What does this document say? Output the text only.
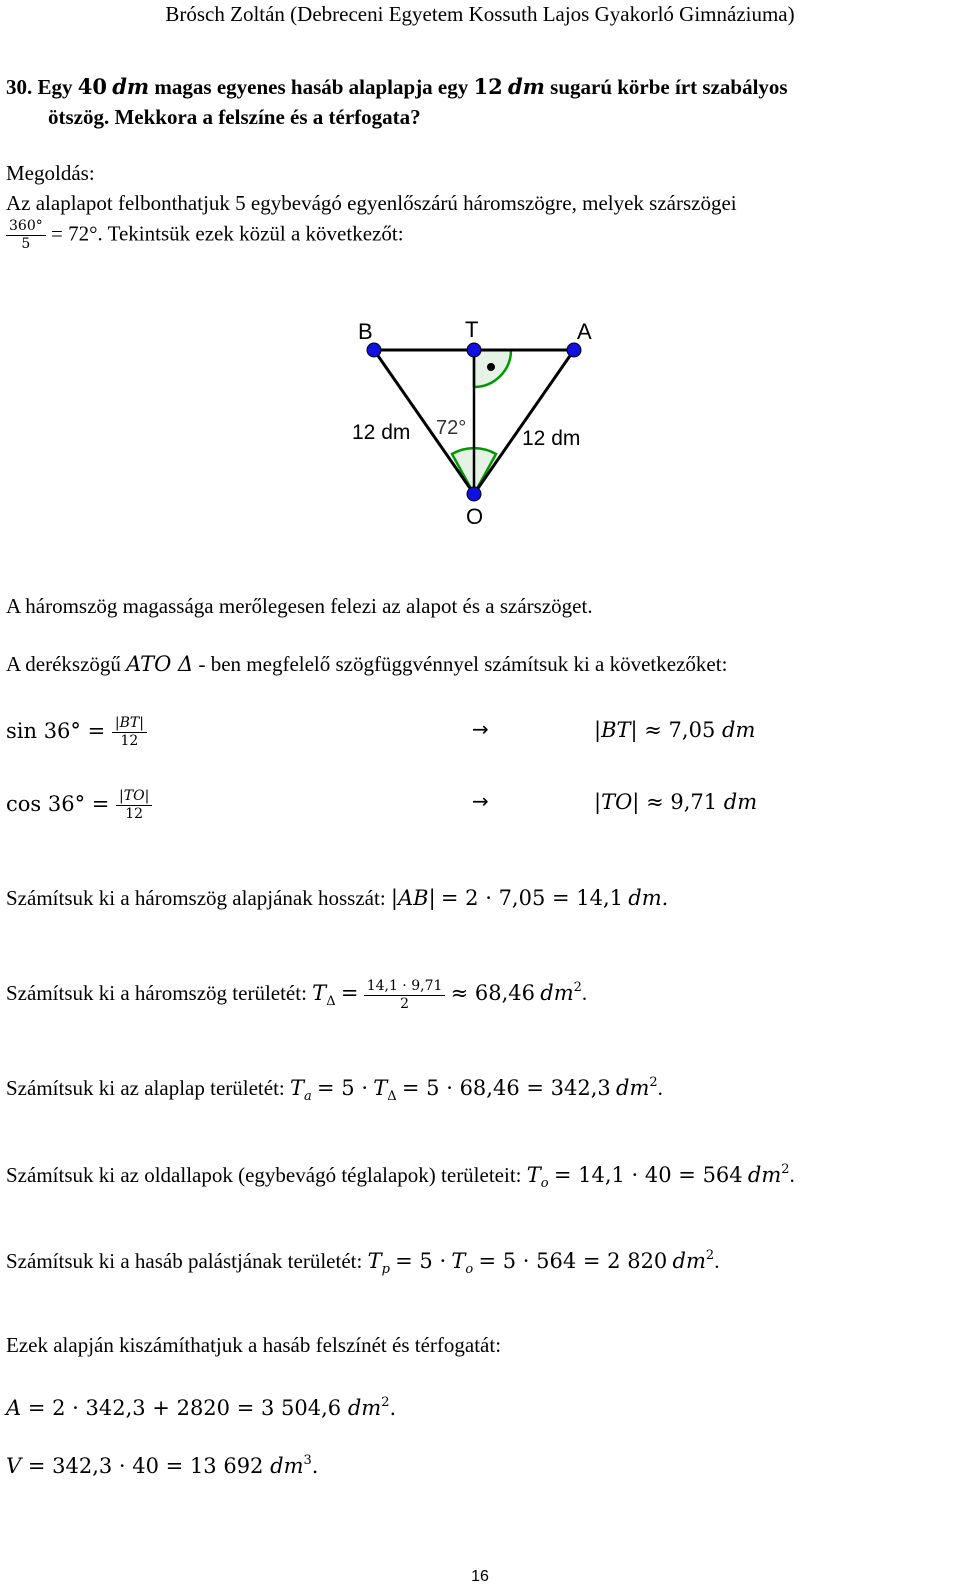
Brósch Zoltán (Debreceni Egyetem Kossuth Lajos Gyakorló Gimnáziuma)
30. Egy 40 dm magas egyenes hasáb alaplapja egy 12 dm sugarú körbe írt szabályos
ötszög. Mekkora a felszíne és a térfogata?
Megoldás:
Az alaplapot felbonthatjuk 5 egybevágó egyenlőszárú háromszögre, melyek szárszögei
$\frac{360^\circ}{5} = 72^\circ$. Tekintsük ezek közül a következőt:
B	T	A
O
12 dm	12 dm
72°
A háromszög magassága merőlegesen felezi az alapot és a szárszöget.
A derékszögű ATO Δ - ben megfelelő szögfüggvénnyel számítsuk ki a következőket:
$\sin 36^\circ = \frac{|BT|}{12}$	→	|BT| ≈ 7,05 dm
$\cos 36^\circ = \frac{|TO|}{12}$	→	|TO| ≈ 9,71 dm
Számítsuk ki a háromszög alapjának hosszát: |AB| = 2 · 7,05 = 14,1 dm.
Számítsuk ki a háromszög területét: $T_\Delta = \frac{14,1 \cdot 9,71}{2} \approx 68,46$ $dm^2$.
Számítsuk ki az alaplap területét: $T_a = 5 \cdot T_\Delta = 5 \cdot 68,46 = 342,3$ $dm^2$.
Számítsuk ki az oldallapok (egybevágó téglalapok) területeit: $T_o = 14,1 \cdot 40 = 564$ $dm^2$.
Számítsuk ki a hasáb palástjának területét: $T_p = 5 \cdot T_o = 5 \cdot 564 = 2$ 820 $dm^2$.
Ezek alapján kiszámíthatjuk a hasáb felszínét és térfogatát:
A = 2 · 342,3 + 2820 = 3 504,6 $dm^2$.
V = 342,3 · 40 = 13 692 $dm^3$.
16
